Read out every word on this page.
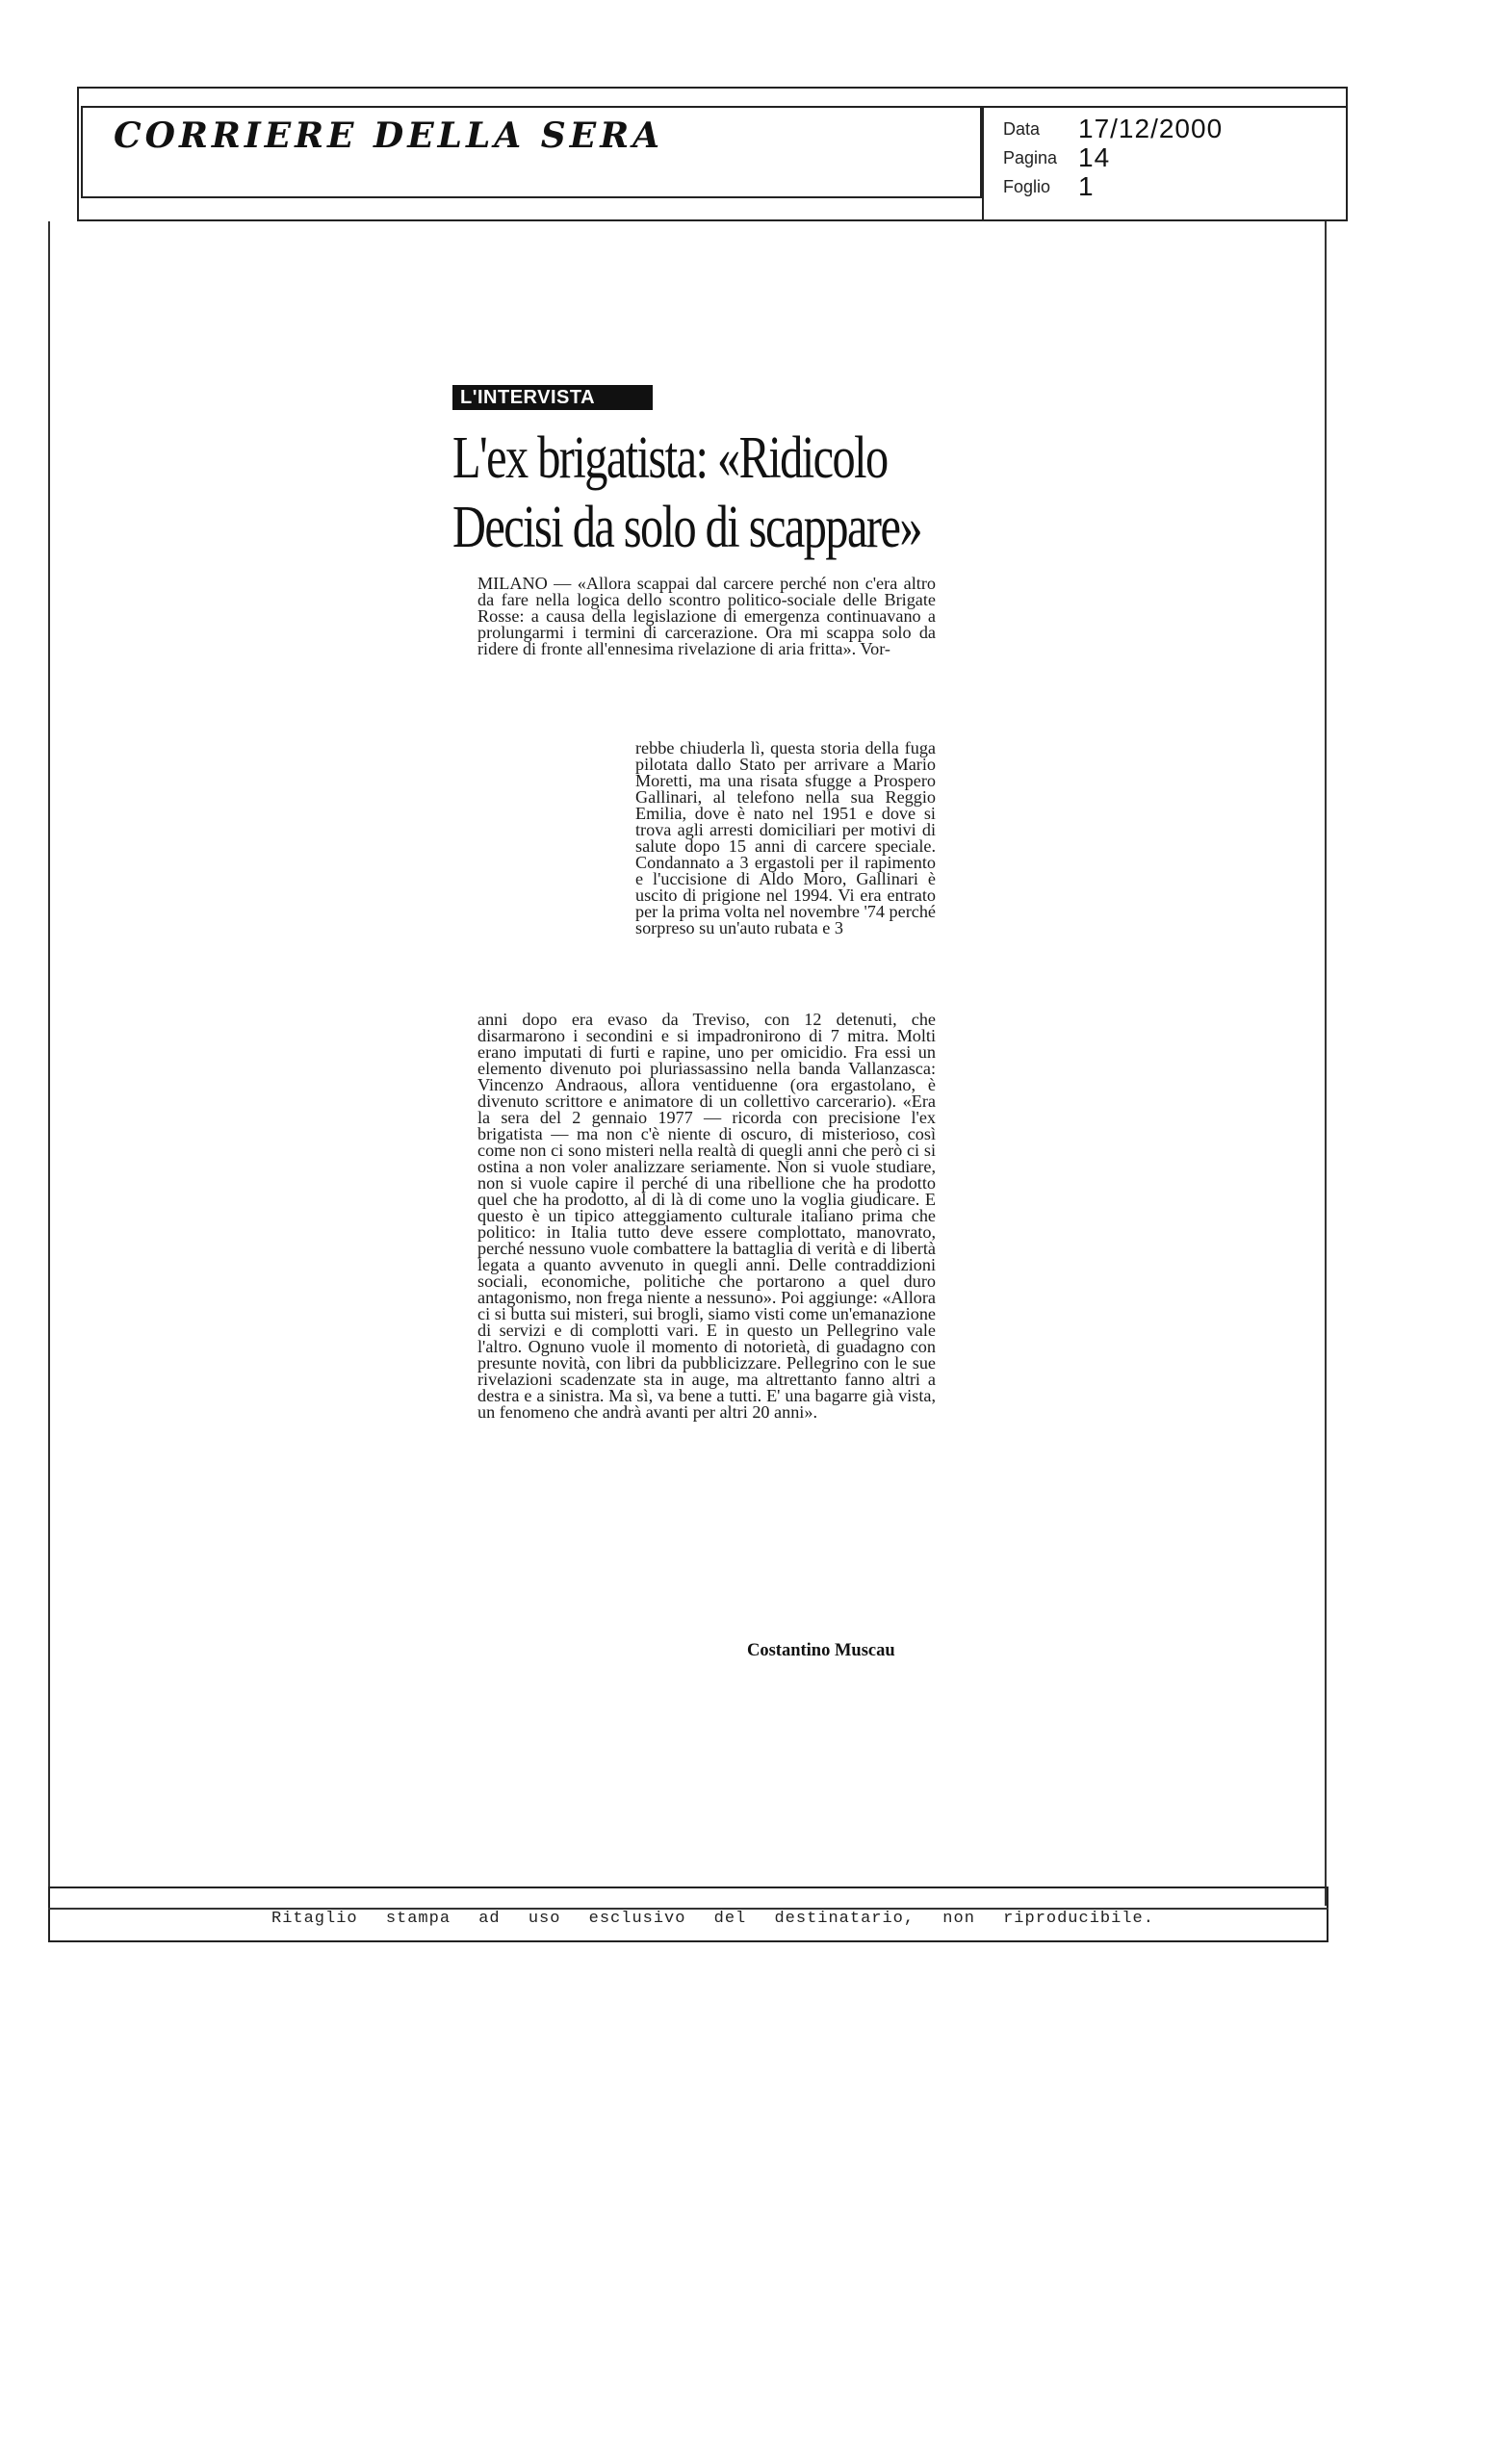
CORRIERE DELLA SERA	Data 17/12/2000
Pagina 14
Foglio 1
L'INTERVISTA
L'ex brigatista: «Ridicolo
Decisi da solo di scappare»
MILANO — «Allora scappai dal carcere perché non c'era altro da fare nella logica dello scontro politico-sociale delle Brigate Rosse: a causa della legislazione di emergenza continuavano a prolungarmi i termini di carcerazione. Ora mi scappa solo da ridere di fronte all'ennesima rivelazione di aria fritta». Vor-
rebbe chiuderla lì, questa storia della fuga pilotata dallo Stato per arrivare a Mario Moretti, ma una risata sfugge a Prospero Gallinari, al telefono nella sua Reggio Emilia, dove è nato nel 1951 e dove si trova agli arresti domiciliari per motivi di salute dopo 15 anni di carcere speciale. Condannato a 3 ergastoli per il rapimento e l'uccisione di Aldo Moro, Gallinari è uscito di prigione nel 1994. Vi era entrato per la prima volta nel novembre '74 perché sorpreso su un'auto rubata e 3
anni dopo era evaso da Treviso, con 12 detenuti, che disarmarono i secondini e si impadronirono di 7 mitra. Molti erano imputati di furti e rapine, uno per omicidio. Fra essi un elemento divenuto poi pluriassassino nella banda Vallanzasca: Vincenzo Andraous, allora ventiduenne (ora ergastolano, è divenuto scrittore e animatore di un collettivo carcerario). «Era la sera del 2 gennaio 1977 — ricorda con precisione l'ex brigatista — ma non c'è niente di oscuro, di misterioso, così come non ci sono misteri nella realtà di quegli anni che però ci si ostina a non voler analizzare seriamente. Non si vuole studiare, non si vuole capire il perché di una ribellione che ha prodotto quel che ha prodotto, al di là di come uno la voglia giudicare. E questo è un tipico atteggiamento culturale italiano prima che politico: in Italia tutto deve essere complottato, manovrato, perché nessuno vuole combattere la battaglia di verità e di libertà legata a quanto avvenuto in quegli anni. Delle contraddizioni sociali, economiche, politiche che portarono a quel duro antagonismo, non frega niente a nessuno». Poi aggiunge: «Allora ci si butta sui misteri, sui brogli, siamo visti come un'emanazione di servizi e di complotti vari. E in questo un Pellegrino vale l'altro. Ognuno vuole il momento di notorietà, di guadagno con presunte novità, con libri da pubblicizzare. Pellegrino con le sue rivelazioni scadenzate sta in auge, ma altrettanto fanno altri a destra e a sinistra. Ma sì, va bene a tutti. E' una bagarre già vista, un fenomeno che andrà avanti per altri 20 anni».
Costantino Muscau
Ritaglio stampa ad uso esclusivo del destinatario, non riproducibile.
